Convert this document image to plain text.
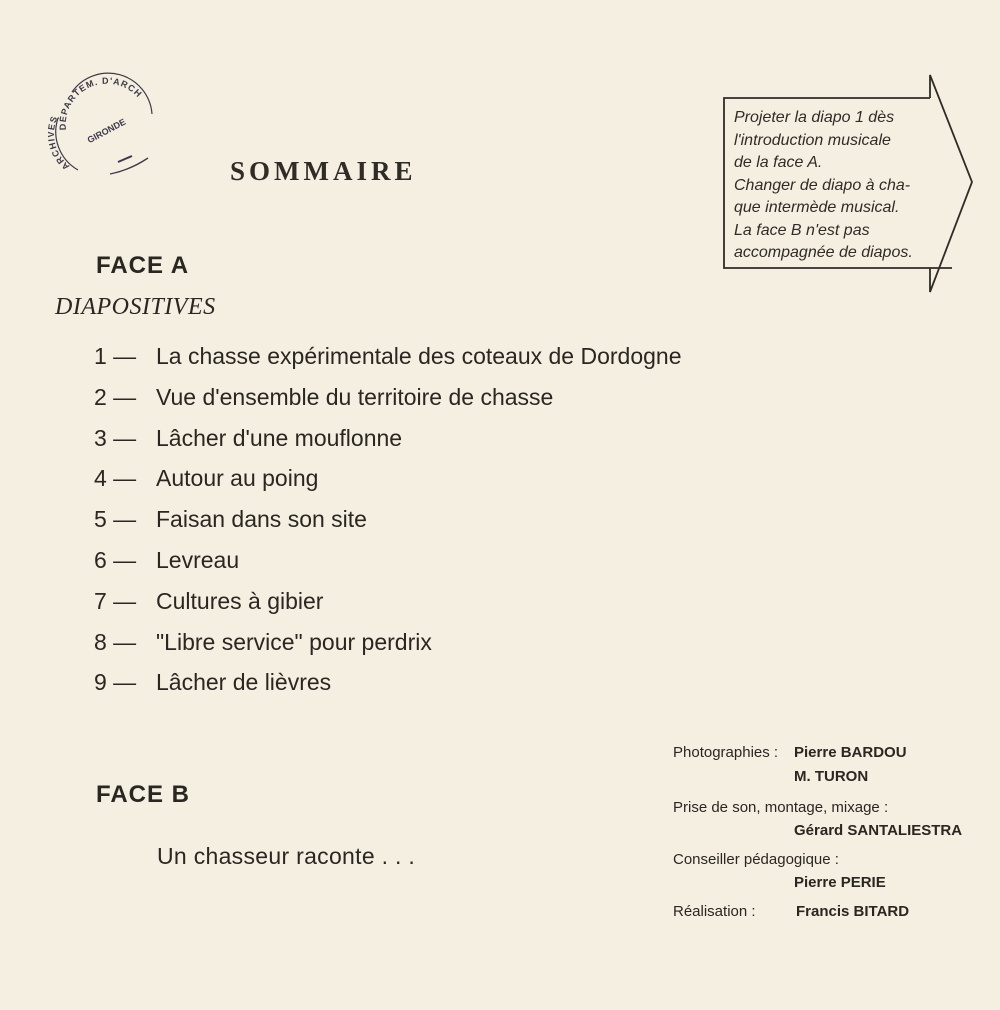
DÉPARTEM. D'ARCH
ARC S	GIRONDE
SOMMAIRE
Projeter la diapo 1 dès
l'introduction musicale
de la face A.
Changer de diapo à cha-
que intermède musical.
La face B n'est pas
accompagnée de diapos.
FACE A
DIAPOSITIVES
1 — La chasse expérimentale des coteaux de Dordogne
2 — Vue d'ensemble du territoire de chasse
3 — Lâcher d'une mouflonne
4 — Autour au poing
5 — Faisan dans son site
6 — Levreau
7 — Cultures à gibier
8 — "Libre service" pour perdrix
9 — Lâcher de lièvres
FACE B
Un chasseur raconte . . .
Photographies : Pierre BARDOU
M. TURON
Prise de son, montage, mixage :
Gérard SANTALIESTRA
Conseiller pédagogique :
Pierre PERIE
Réalisation :	Francis BITARD
